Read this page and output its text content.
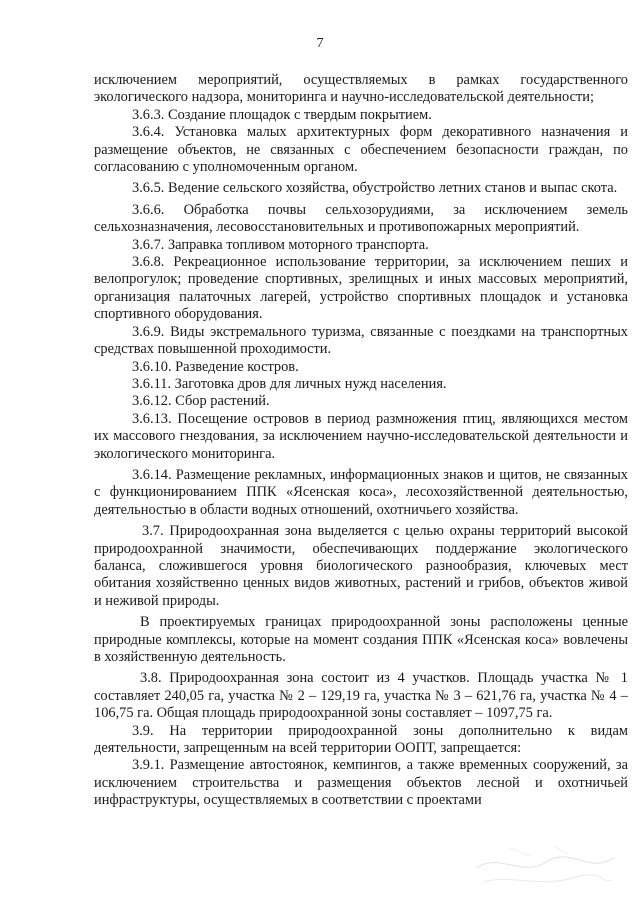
7

исключением мероприятий, осуществляемых в рамках государственного экологического надзора, мониторинга и научно-исследовательской деятельности;

3.6.3. Создание площадок с твердым покрытием.

3.6.4. Установка малых архитектурных форм декоративного назначения и размещение объектов, не связанных с обеспечением безопасности граждан, по согласованию с уполномоченным органом.

3.6.5. Ведение сельского хозяйства, обустройство летних станов и выпас скота.

3.6.6. Обработка почвы сельхозорудиями, за исключением земель сельхозназначения, лесовосстановительных и противопожарных мероприятий.

3.6.7. Заправка топливом моторного транспорта.

3.6.8. Рекреационное использование территории, за исключением пеших и велопрогулок; проведение спортивных, зрелищных и иных массовых мероприятий, организация палаточных лагерей, устройство спортивных площадок и установка спортивного оборудования.

3.6.9. Виды экстремального туризма, связанные с поездками на транспортных средствах повышенной проходимости.

3.6.10. Разведение костров.

3.6.11. Заготовка дров для личных нужд населения.

3.6.12. Сбор растений.

3.6.13. Посещение островов в период размножения птиц, являющихся местом их массового гнездования, за исключением научно-исследовательской деятельности и экологического мониторинга.

3.6.14. Размещение рекламных, информационных знаков и щитов, не связанных с функционированием ППК «Ясенская коса», лесохозяйственной деятельностью, деятельностью в области водных отношений, охотничьего хозяйства.

3.7. Природоохранная зона выделяется с целью охраны территорий высокой природоохранной значимости, обеспечивающих поддержание экологического баланса, сложившегося уровня биологического разнообразия, ключевых мест обитания хозяйственно ценных видов животных, растений и грибов, объектов живой и неживой природы.

В проектируемых границах природоохранной зоны расположены ценные природные комплексы, которые на момент создания ППК «Ясенская коса» вовлечены в хозяйственную деятельность.

3.8. Природоохранная зона состоит из 4 участков. Площадь участка № 1 составляет 240,05 га, участка № 2 – 129,19 га, участка № 3 – 621,76 га, участка № 4 – 106,75 га. Общая площадь природоохранной зоны составляет – 1097,75 га.

3.9. На территории природоохранной зоны дополнительно к видам деятельности, запрещенным на всей территории ООПТ, запрещается:

3.9.1. Размещение автостоянок, кемпингов, а также временных сооружений, за исключением строительства и размещения объектов лесной и охотничьей инфраструктуры, осуществляемых в соответствии с проектами
